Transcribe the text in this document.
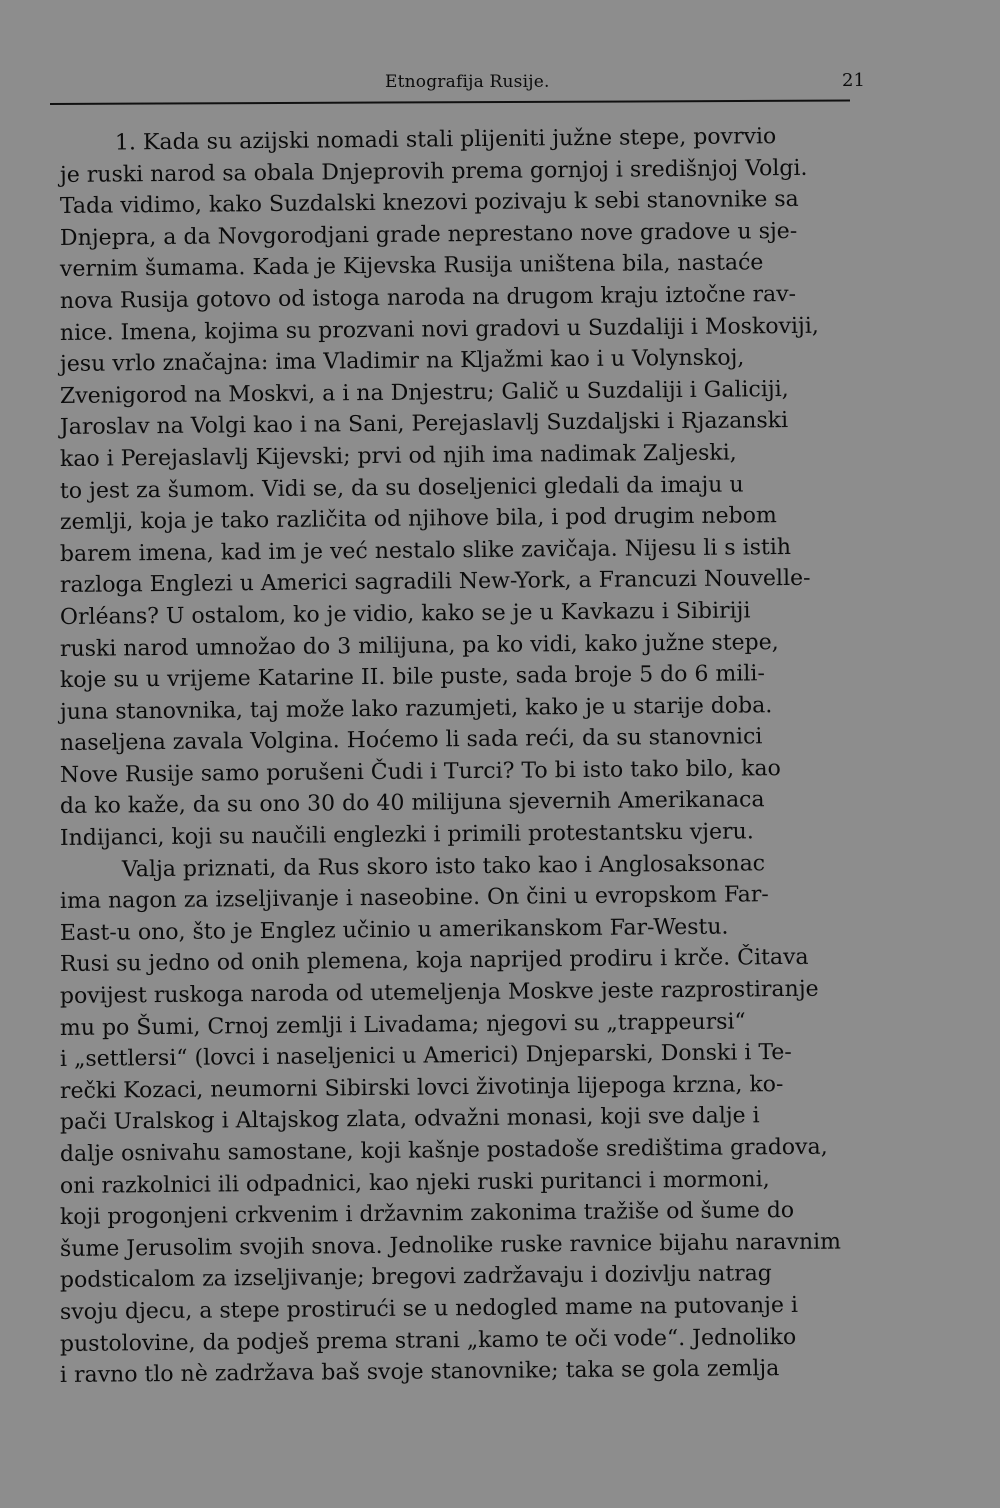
Etnografija Rusije.	21
1. Kada su azijski nomadi stali plijeniti južne stepe, povrvio
je ruski narod sa obala Dnjeprovih prema gornjoj i središnjoj Volgi.
Tada vidimo, kako Suzdalski knezovi pozivaju k sebi stanovnike sa
Dnjepra, a da Novgorodjani grade neprestano nove gradove u sje-
vernim šumama. Kada je Kijevska Rusija uništena bila, nastaće
nova Rusija gotovo od istoga naroda na drugom kraju iztočne rav-
nice. Imena, kojima su prozvani novi gradovi u Suzdaliji i Moskoviji,
jesu vrlo značajna: ima Vladimir na Kljažmi kao i u Volynskoj,
Zvenigorod na Moskvi, a i na Dnjestru; Galič u Suzdaliji i Galiciji,
Jaroslav na Volgi kao i na Sani, Perejaslavlj Suzdaljski i Rjazanski
kao i Perejaslavlj Kijevski; prvi od njih ima nadimak Zaljeski,
to jest za šumom. Vidi se, da su doseljenici gledali da imaju u
zemlji, koja je tako različita od njihove bila, i pod drugim nebom
barem imena, kad im je već nestalo slike zavičaja. Nijesu li s istih
razloga Englezi u Americi sagradili New-York, a Francuzi Nouvelle-
Orléans? U ostalom, ko je vidio, kako se je u Kavkazu i Sibiriji
ruski narod umnožao do 3 milijuna, pa ko vidi, kako južne stepe,
koje su u vrijeme Katarine II. bile puste, sada broje 5 do 6 mili-
juna stanovnika, taj može lako razumjeti, kako je u starije doba.
naseljena zavala Volgina. Hoćemo li sada reći, da su stanovnici
Nove Rusije samo porušeni Čudi i Turci? To bi isto tako bilo, kao
da ko kaže, da su ono 30 do 40 milijuna sjevernih Amerikanaca
Indijanci, koji su naučili englezki i primili protestantsku vjeru.
Valja priznati, da Rus skoro isto tako kao i Anglosaksonac
ima nagon za izseljivanje i naseobine. On čini u evropskom Far-
East-u ono, što je Englez učinio u amerikanskom Far-Westu.
Rusi su jedno od onih plemena, koja naprijed prodiru i krče. Čitava
povijest ruskoga naroda od utemeljenja Moskve jeste razprostiranje
mu po Šumi, Crnoj zemlji i Livadama; njegovi su „trappeursi“
i „settlersi“ (lovci i naseljenici u Americi) Dnjeparski, Donski i Te-
rečki Kozaci, neumorni Sibirski lovci životinja lijepoga krzna, ko-
pači Uralskog i Altajskog zlata, odvažni monasi, koji sve dalje i
dalje osnivahu samostane, koji kašnje postadoše središtima gradova,
oni razkolnici ili odpadnici, kao njeki ruski puritanci i mormoni,
koji progonjeni crkvenim i državnim zakonima tražiše od šume do
šume Jerusolim svojih snova. Jednolike ruske ravnice bijahu naravnim
podsticalom za izseljivanje; bregovi zadržavaju i dozivlju natrag
svoju djecu, a stepe prostirući se u nedogled mame na putovanje i
pustolovine, da podješ prema strani „kamo te oči vode“. Jednoliko
i ravno tlo nè zadržava baš svoje stanovnike; taka se gola zemlja
